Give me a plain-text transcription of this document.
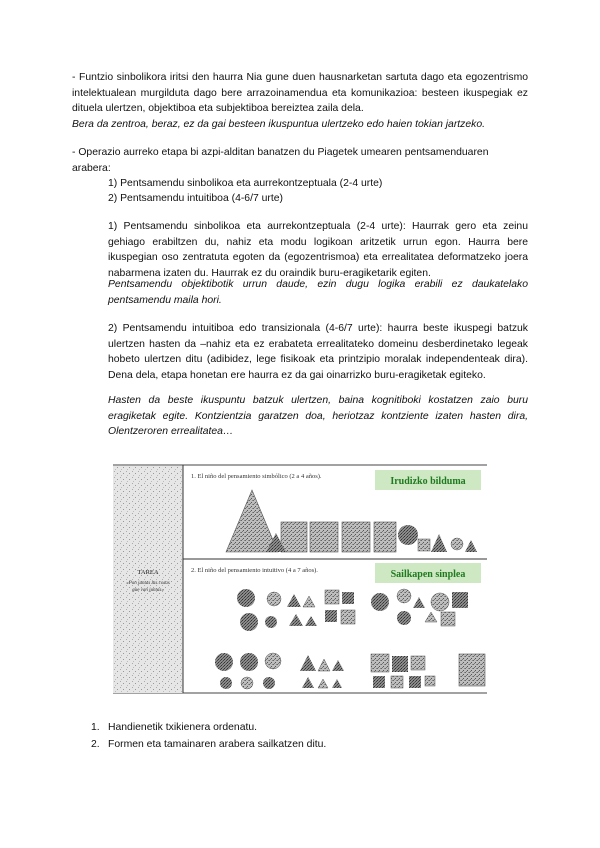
- Funtzio sinbolikora iritsi den haurra Nia gune duen hausnarketan sartuta dago eta egozentrismo intelektualean murgilduta dago bere arrazoinamendua eta komunikazioa: besteen ikuspegiak ez dituela ulertzen, objektiboa eta subjektiboa bereiztea zaila dela.

Bera da zentroa, beraz, ez da gai besteen ikuspuntua ulertzeko edo haien tokian jartzeko.

- Operazio aurreko etapa bi azpi-alditan banatzen du Piagetek umearen pentsamenduaren arabera:

1) Pentsamendu sinbolikoa eta aurrekontzeptuala (2-4 urte)
2) Pentsamendu intuitiboa (4-6/7 urte)

1) Pentsamendu sinbolikoa eta aurrekontzeptuala (2-4 urte): Haurrak gero eta zeinu gehiago erabiltzen du, nahiz eta modu logikoan aritzetik urrun egon. Haurra bere ikuspegian oso zentratuta egoten da (egozentrismoa) eta errealitatea deformatzeko joera nabarmena izaten du. Haurrak ez du oraindik buru-eragiketarik egiten.

Pentsamendu objektibotik urrun daude, ezin dugu logika erabili ez daukatelako pentsamendu maila hori.

2) Pentsamendu intuitiboa edo transizionala (4-6/7 urte): haurra beste ikuspegi batzuk ulertzen hasten da –nahiz eta ez erabateta errealitateko domeinu desberdinetako legeak hobeto ulertzen ditu (adibidez, lege fisikoak eta printzipio moralak independenteak dira). Dena dela, etapa honetan ere haurra ez da gai oinarrizko buru-eragiketak egiteko.

Hasten da beste ikuspuntu batzuk ulertzen, baina kognitiboki kostatzen zaio buru eragiketak egite. Kontzientzia garatzen doa, heriotzaz kontziente izaten hasten dira, Olentzeroren errealitatea…

TAREA
«Pon juntas las cosas que van juntas»
1. El niño del pensamiento simbólico (2 a 4 años).	Irudizko bilduma
2. El niño del pensamiento intuitivo (4 a 7 años).	Sailkapen sinplea
1. Handienetik txikienera ordenatu.
2. Formen eta tamainaren arabera sailkatzen ditu.
